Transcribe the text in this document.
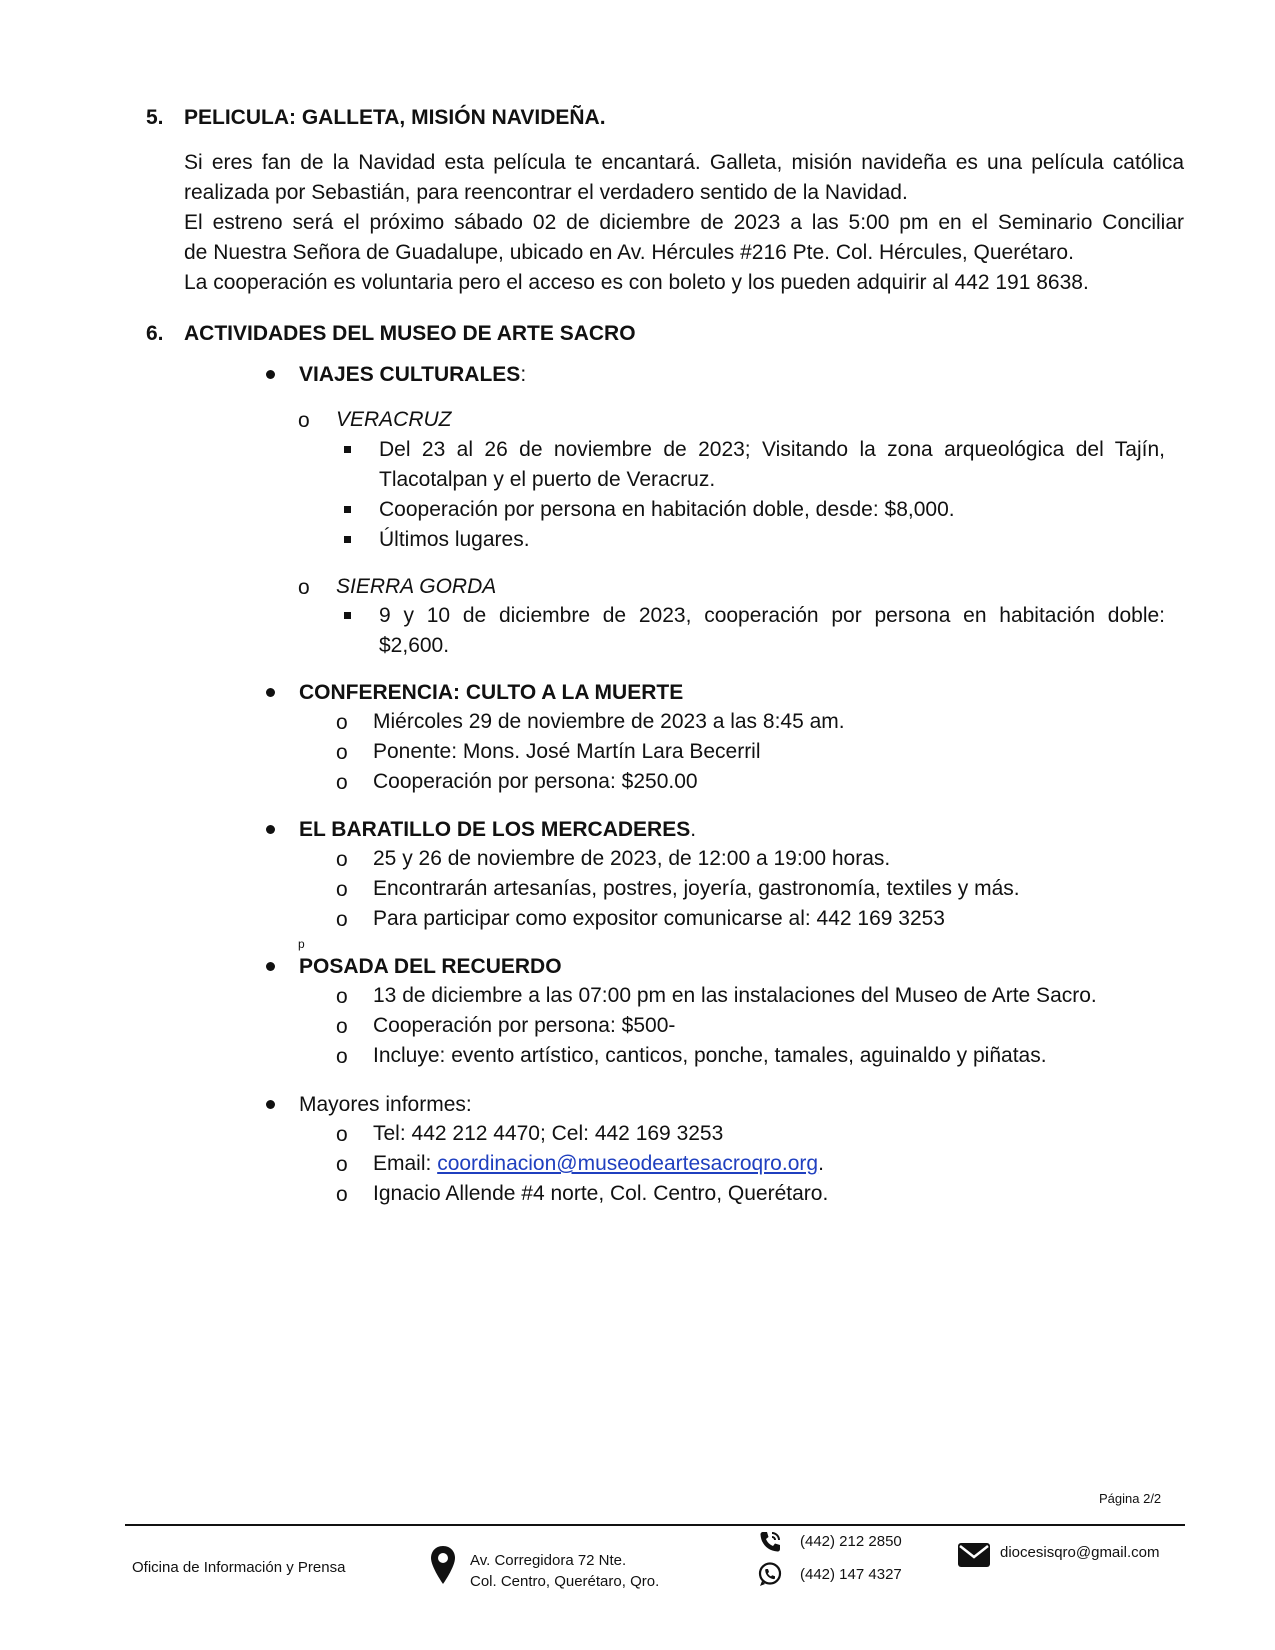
5. PELICULA: GALLETA, MISIÓN NAVIDEÑA.
Si eres fan de la Navidad esta película te encantará. Galleta, misión navideña es una película católica
realizada por Sebastián, para reencontrar el verdadero sentido de la Navidad.
El estreno será el próximo sábado 02 de diciembre de 2023 a las 5:00 pm en el Seminario Conciliar
de Nuestra Señora de Guadalupe, ubicado en Av. Hércules #216 Pte. Col. Hércules, Querétaro.
La cooperación es voluntaria pero el acceso es con boleto y los pueden adquirir al 442 191 8638.
6. ACTIVIDADES DEL MUSEO DE ARTE SACRO
VIAJES CULTURALES:
o VERACRUZ
Del 23 al 26 de noviembre de 2023; Visitando la zona arqueológica del Tajín,
Tlacotalpan y el puerto de Veracruz.
Cooperación por persona en habitación doble, desde: $8,000.
Últimos lugares.
o SIERRA GORDA
9 y 10 de diciembre de 2023, cooperación por persona en habitación doble:
$2,600.
CONFERENCIA: CULTO A LA MUERTE
o Miércoles 29 de noviembre de 2023 a las 8:45 am.
o Ponente: Mons. José Martín Lara Becerril
o Cooperación por persona: $250.00
EL BARATILLO DE LOS MERCADERES.
o 25 y 26 de noviembre de 2023, de 12:00 a 19:00 horas.
o Encontrarán artesanías, postres, joyería, gastronomía, textiles y más.
o Para participar como expositor comunicarse al: 442 169 3253
p
POSADA DEL RECUERDO
o 13 de diciembre a las 07:00 pm en las instalaciones del Museo de Arte Sacro.
o Cooperación por persona: $500-
o Incluye: evento artístico, canticos, ponche, tamales, aguinaldo y piñatas.
Mayores informes:
o Tel: 442 212 4470; Cel: 442 169 3253
o Email: coordinacion@museodeartesacroqro.org.
o Ignacio Allende #4 norte, Col. Centro, Querétaro.
Página 2/2
Oficina de Información y Prensa	Av. Corregidora 72 Nte.
Col. Centro, Querétaro, Qro.
(442) 212 2850
(442) 147 4327
diocesisqro@gmail.com
